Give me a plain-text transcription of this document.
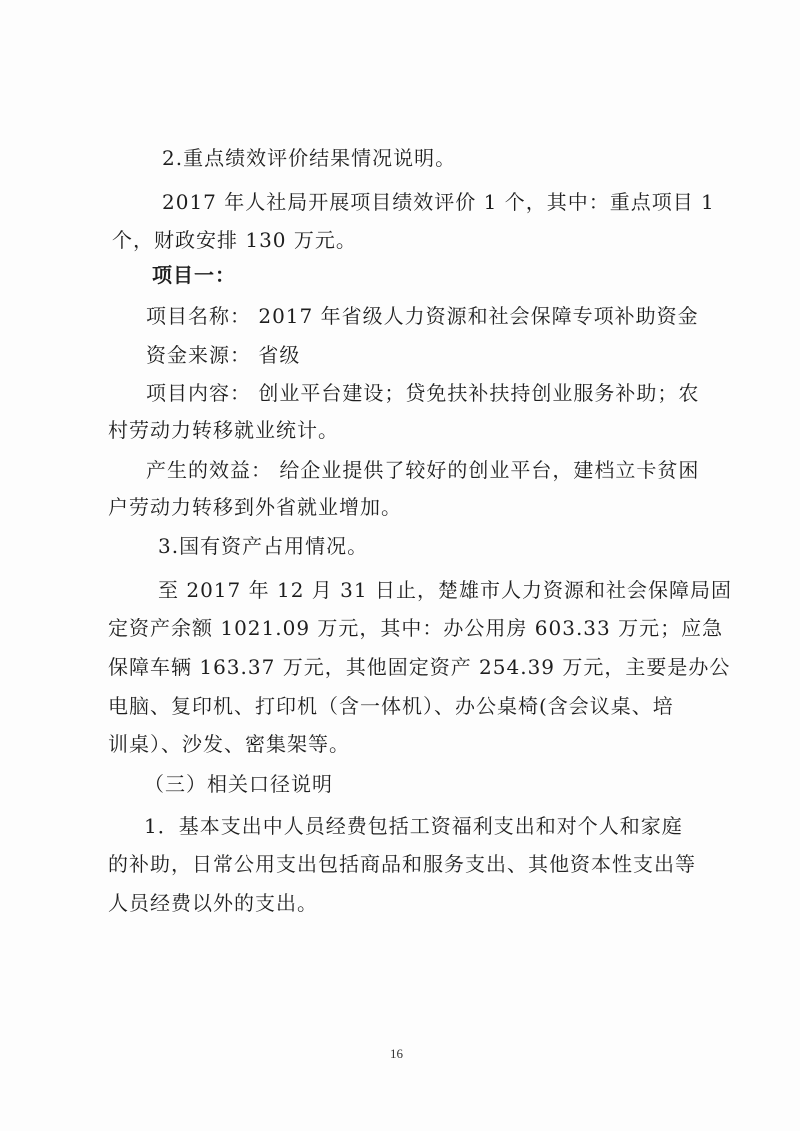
2.重点绩效评价结果情况说明。
2017 年人社局开展项目绩效评价 1 个，其中：重点项目 1
个，财政安排 130 万元。
项目一：
项目名称： 2017 年省级人力资源和社会保障专项补助资金
资金来源： 省级
项目内容： 创业平台建设；贷免扶补扶持创业服务补助；农
村劳动力转移就业统计。
产生的效益： 给企业提供了较好的创业平台，建档立卡贫困
户劳动力转移到外省就业增加。
3.国有资产占用情况。
至 2017 年 12 月 31 日止，楚雄市人力资源和社会保障局固
定资产余额 1021.09 万元，其中：办公用房 603.33 万元；应急
保障车辆 163.37 万元，其他固定资产 254.39 万元，主要是办公
电脑、复印机、打印机（含一体机）、办公桌椅(含会议桌、培
训桌）、沙发、密集架等。
（三）相关口径说明
1．基本支出中人员经费包括工资福利支出和对个人和家庭
的补助，日常公用支出包括商品和服务支出、其他资本性支出等
人员经费以外的支出。
16
